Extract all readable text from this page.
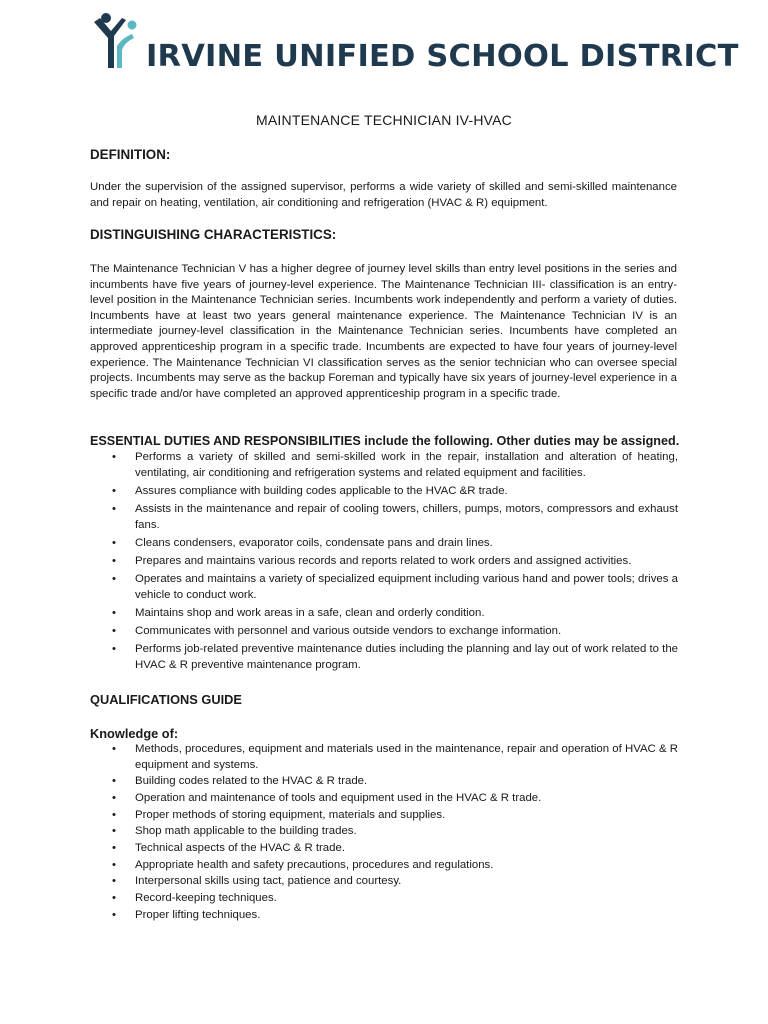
IRVINE UNIFIED SCHOOL DISTRICT
MAINTENANCE TECHNICIAN IV-HVAC
DEFINITION:
Under the supervision of the assigned supervisor, performs a wide variety of skilled and semi-skilled maintenance and repair on heating, ventilation, air conditioning and refrigeration (HVAC & R) equipment.
DISTINGUISHING CHARACTERISTICS:
The Maintenance Technician V has a higher degree of journey level skills than entry level positions in the series and incumbents have five years of journey-level experience. The Maintenance Technician III- classification is an entry-level position in the Maintenance Technician series. Incumbents work independently and perform a variety of duties. Incumbents have at least two years general maintenance experience. The Maintenance Technician IV is an intermediate journey-level classification in the Maintenance Technician series. Incumbents have completed an approved apprenticeship program in a specific trade. Incumbents are expected to have four years of journey-level experience. The Maintenance Technician VI classification serves as the senior technician who can oversee special projects. Incumbents may serve as the backup Foreman and typically have six years of journey-level experience in a specific trade and/or have completed an approved apprenticeship program in a specific trade.
ESSENTIAL DUTIES AND RESPONSIBILITIES include the following. Other duties may be assigned.
•	Performs a variety of skilled and semi-skilled work in the repair, installation and alteration of heating, ventilating, air conditioning and refrigeration systems and related equipment and facilities.
•	Assures compliance with building codes applicable to the HVAC &R trade.
•	Assists in the maintenance and repair of cooling towers, chillers, pumps, motors, compressors and exhaust fans.
•	Cleans condensers, evaporator coils, condensate pans and drain lines.
•	Prepares and maintains various records and reports related to work orders and assigned activities.
•	Operates and maintains a variety of specialized equipment including various hand and power tools; drives a vehicle to conduct work.
•	Maintains shop and work areas in a safe, clean and orderly condition.
•	Communicates with personnel and various outside vendors to exchange information.
•	Performs job-related preventive maintenance duties including the planning and lay out of work related to the HVAC & R preventive maintenance program.
QUALIFICATIONS GUIDE
Knowledge of:
•	Methods, procedures, equipment and materials used in the maintenance, repair and operation of HVAC & R equipment and systems.
•	Building codes related to the HVAC & R trade.
•	Operation and maintenance of tools and equipment used in the HVAC & R trade.
•	Proper methods of storing equipment, materials and supplies.
•	Shop math applicable to the building trades.
•	Technical aspects of the HVAC & R trade.
•	Appropriate health and safety precautions, procedures and regulations.
•	Interpersonal skills using tact, patience and courtesy.
•	Record-keeping techniques.
•	Proper lifting techniques.
